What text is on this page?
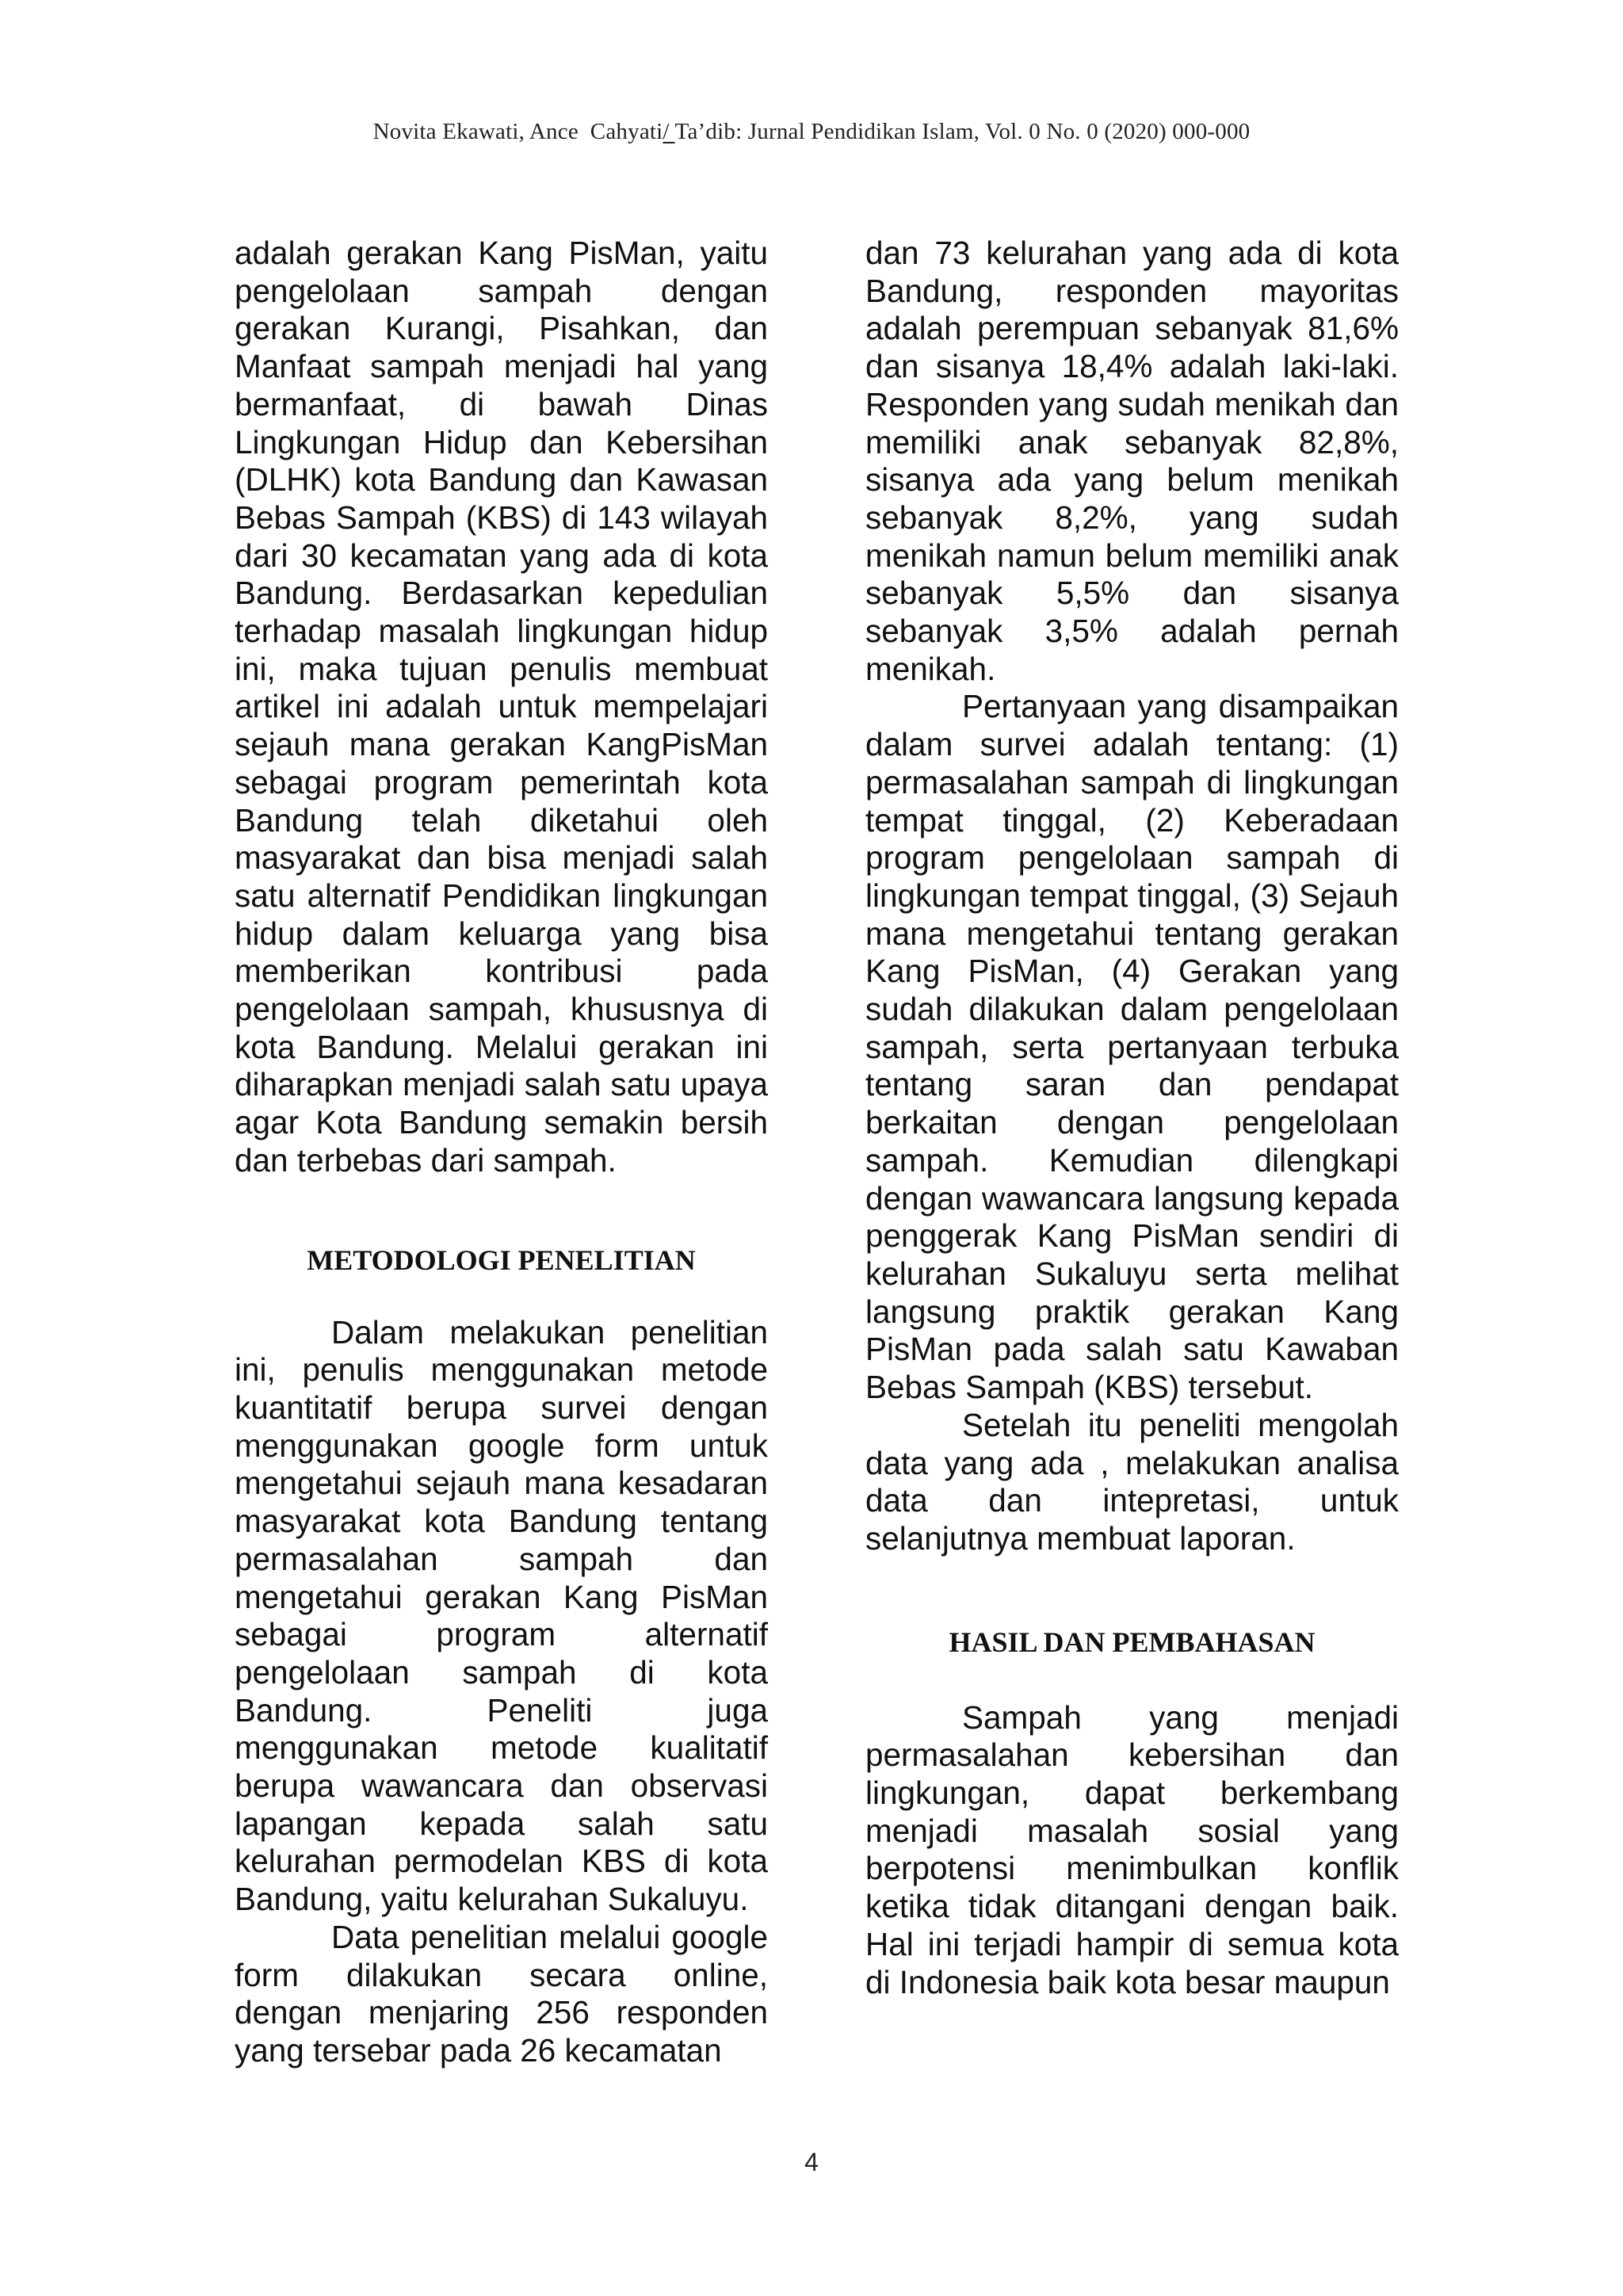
Novita Ekawati, Ance  Cahyati/ Ta’dib: Jurnal Pendidikan Islam, Vol. 0 No. 0 (2020) 000-000

adalah gerakan Kang PisMan, yaitu pengelolaan sampah dengan gerakan Kurangi, Pisahkan, dan Manfaat sampah menjadi hal yang bermanfaat, di bawah Dinas Lingkungan Hidup dan Kebersihan (DLHK) kota Bandung dan Kawasan Bebas Sampah (KBS) di 143 wilayah dari 30 kecamatan yang ada di kota Bandung. Berdasarkan kepedulian terhadap masalah lingkungan hidup ini, maka tujuan penulis membuat artikel ini adalah untuk mempelajari sejauh mana gerakan KangPisMan sebagai program pemerintah kota Bandung telah diketahui oleh masyarakat dan bisa menjadi salah satu alternatif Pendidikan lingkungan hidup dalam keluarga yang bisa memberikan kontribusi pada pengelolaan sampah, khususnya di kota Bandung. Melalui gerakan ini diharapkan menjadi salah satu upaya agar Kota Bandung semakin bersih dan terbebas dari sampah.

METODOLOGI PENELITIAN

Dalam melakukan penelitian ini, penulis menggunakan metode kuantitatif berupa survei dengan menggunakan google form untuk mengetahui sejauh mana kesadaran masyarakat kota Bandung tentang permasalahan sampah dan mengetahui gerakan Kang PisMan sebagai program alternatif pengelolaan sampah di kota Bandung. Peneliti juga menggunakan metode kualitatif berupa wawancara dan observasi lapangan kepada salah satu kelurahan permodelan KBS di kota Bandung, yaitu kelurahan Sukaluyu.

Data penelitian melalui google form dilakukan secara online, dengan menjaring 256 responden yang tersebar pada 26 kecamatan

dan 73 kelurahan yang ada di kota Bandung, responden mayoritas adalah perempuan sebanyak 81,6% dan sisanya 18,4% adalah laki-laki. Responden yang sudah menikah dan memiliki anak sebanyak 82,8%, sisanya ada yang belum menikah sebanyak 8,2%, yang sudah menikah namun belum memiliki anak sebanyak 5,5% dan sisanya sebanyak 3,5% adalah pernah menikah.

Pertanyaan yang disampaikan dalam survei adalah tentang: (1) permasalahan sampah di lingkungan tempat tinggal, (2) Keberadaan program pengelolaan sampah di lingkungan tempat tinggal, (3) Sejauh mana mengetahui tentang gerakan Kang PisMan, (4) Gerakan yang sudah dilakukan dalam pengelolaan sampah, serta pertanyaan terbuka tentang saran dan pendapat berkaitan dengan pengelolaan sampah. Kemudian dilengkapi dengan wawancara langsung kepada penggerak Kang PisMan sendiri di kelurahan Sukaluyu serta melihat langsung praktik gerakan Kang PisMan pada salah satu Kawaban Bebas Sampah (KBS) tersebut.

Setelah itu peneliti mengolah data yang ada , melakukan analisa data dan intepretasi, untuk selanjutnya membuat laporan.

HASIL DAN PEMBAHASAN

Sampah yang menjadi permasalahan kebersihan dan lingkungan, dapat berkembang menjadi masalah sosial yang berpotensi menimbulkan konflik ketika tidak ditangani dengan baik. Hal ini terjadi hampir di semua kota di Indonesia baik kota besar maupun

4
